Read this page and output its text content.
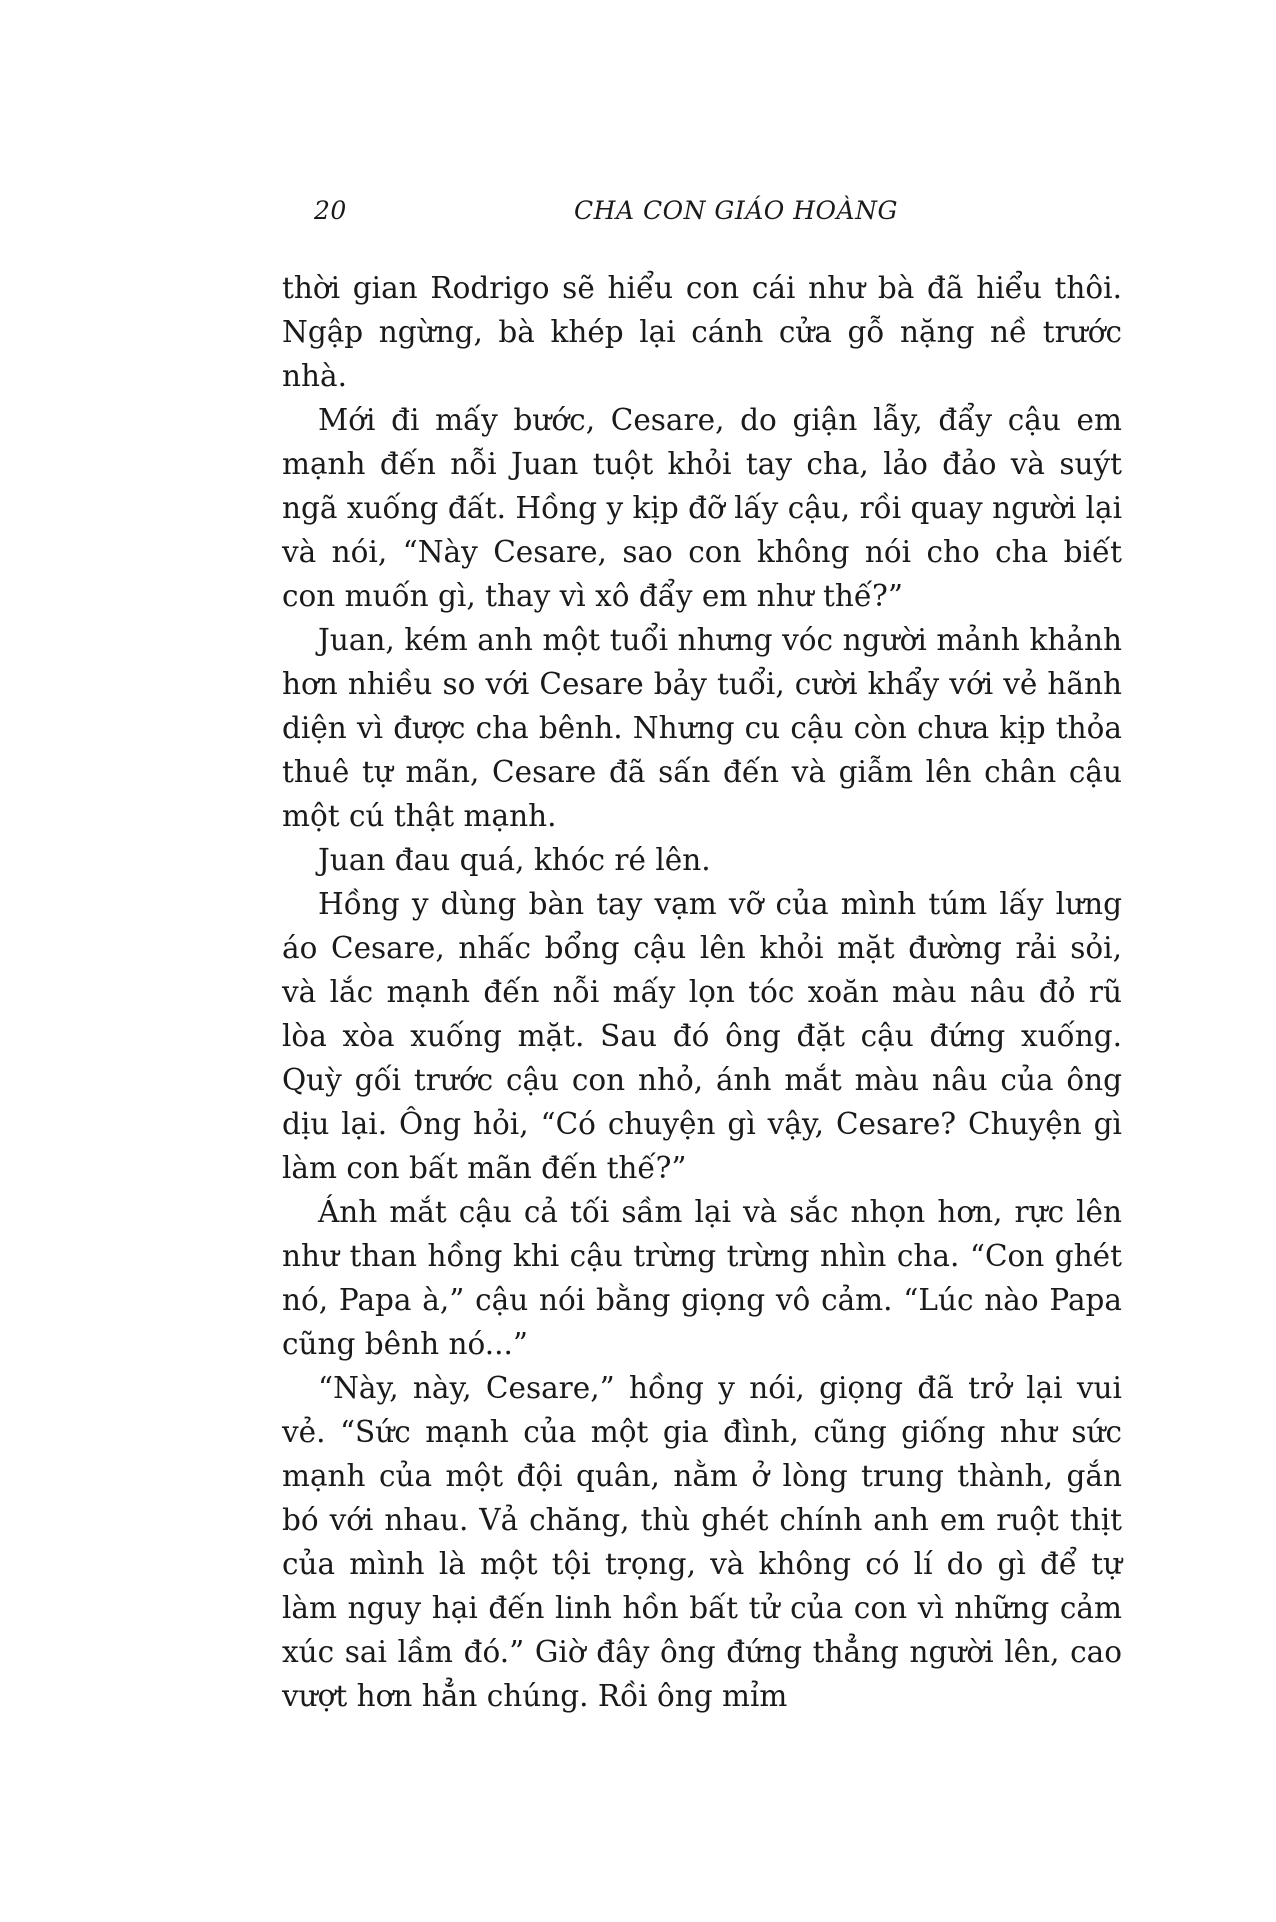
20	CHA CON GIÁO HOÀNG

thời gian Rodrigo sẽ hiểu con cái như bà đã hiểu thôi. Ngập ngừng, bà khép lại cánh cửa gỗ nặng nề trước nhà.

Mới đi mấy bước, Cesare, do giận lẫy, đẩy cậu em mạnh đến nỗi Juan tuột khỏi tay cha, lảo đảo và suýt ngã xuống đất. Hồng y kịp đỡ lấy cậu, rồi quay người lại và nói, “Này Cesare, sao con không nói cho cha biết con muốn gì, thay vì xô đẩy em như thế?”

Juan, kém anh một tuổi nhưng vóc người mảnh khảnh hơn nhiều so với Cesare bảy tuổi, cười khẩy với vẻ hãnh diện vì được cha bênh. Nhưng cu cậu còn chưa kịp thỏa thuê tự mãn, Cesare đã sấn đến và giẫm lên chân cậu một cú thật mạnh.

Juan đau quá, khóc ré lên.

Hồng y dùng bàn tay vạm vỡ của mình túm lấy lưng áo Cesare, nhấc bổng cậu lên khỏi mặt đường rải sỏi, và lắc mạnh đến nỗi mấy lọn tóc xoăn màu nâu đỏ rũ lòa xòa xuống mặt. Sau đó ông đặt cậu đứng xuống. Quỳ gối trước cậu con nhỏ, ánh mắt màu nâu của ông dịu lại. Ông hỏi, “Có chuyện gì vậy, Cesare? Chuyện gì làm con bất mãn đến thế?”

Ánh mắt cậu cả tối sầm lại và sắc nhọn hơn, rực lên như than hồng khi cậu trừng trừng nhìn cha. “Con ghét nó, Papa à,” cậu nói bằng giọng vô cảm. “Lúc nào Papa cũng bênh nó...”

“Này, này, Cesare,” hồng y nói, giọng đã trở lại vui vẻ. “Sức mạnh của một gia đình, cũng giống như sức mạnh của một đội quân, nằm ở lòng trung thành, gắn bó với nhau. Vả chăng, thù ghét chính anh em ruột thịt của mình là một tội trọng, và không có lí do gì để tự làm nguy hại đến linh hồn bất tử của con vì những cảm xúc sai lầm đó.” Giờ đây ông đứng thẳng người lên, cao vượt hơn hẳn chúng. Rồi ông mỉm
